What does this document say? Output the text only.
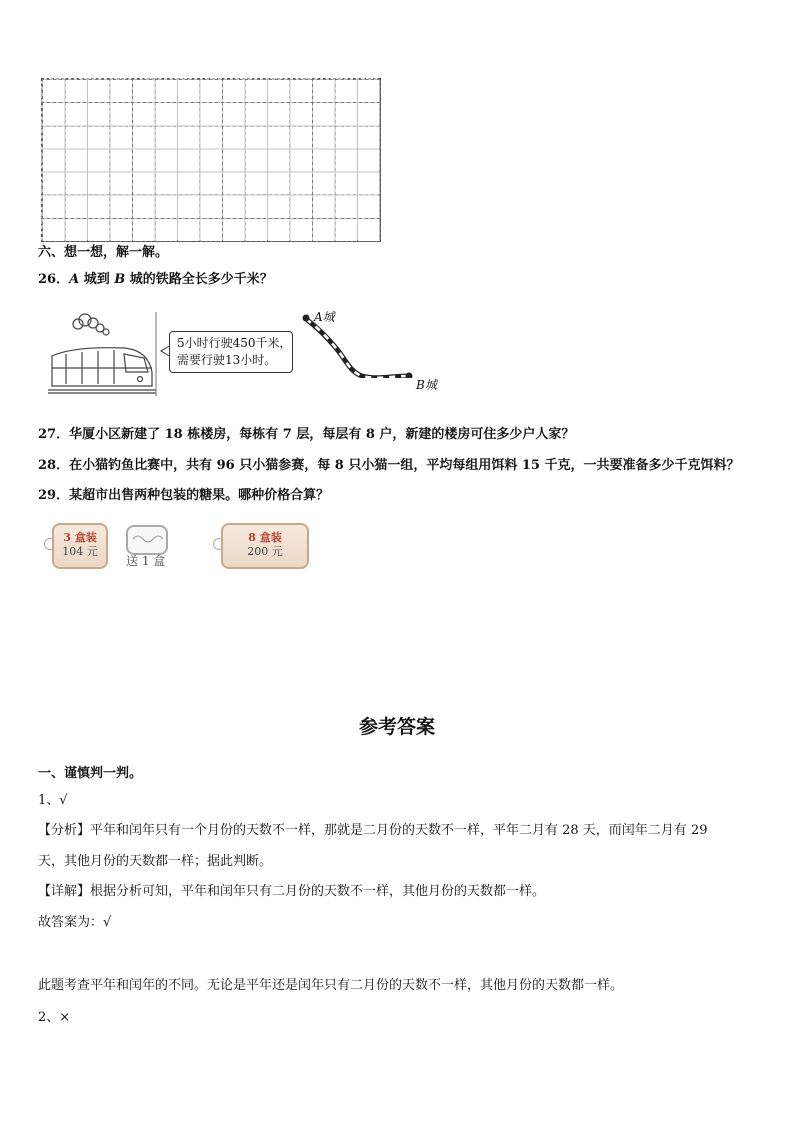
六、想一想，解一解。
26．A 城到 B 城的铁路全长多少千米？
5小时行驶450千米，
需要行驶13小时。
A城
B城
27．华厦小区新建了 18 栋楼房，每栋有 7 层，每层有 8 户，新建的楼房可住多少户人家？
28．在小猫钓鱼比赛中，共有 96 只小猫参赛，每 8 只小猫一组，平均每组用饵料 15 千克，一共要准备多少千克饵料？
29．某超市出售两种包装的糖果。哪种价格合算？
3 盒装
104 元
送 1 盒
8 盒装
200 元
参考答案
一、谨慎判一判。
1、√
【分析】平年和闰年只有一个月份的天数不一样，那就是二月份的天数不一样，平年二月有 28 天，而闰年二月有 29
天，其他月份的天数都一样；据此判断。
【详解】根据分析可知，平年和闰年只有二月份的天数不一样，其他月份的天数都一样。
故答案为：√
此题考查平年和闰年的不同。无论是平年还是闰年只有二月份的天数不一样，其他月份的天数都一样。
2、×
